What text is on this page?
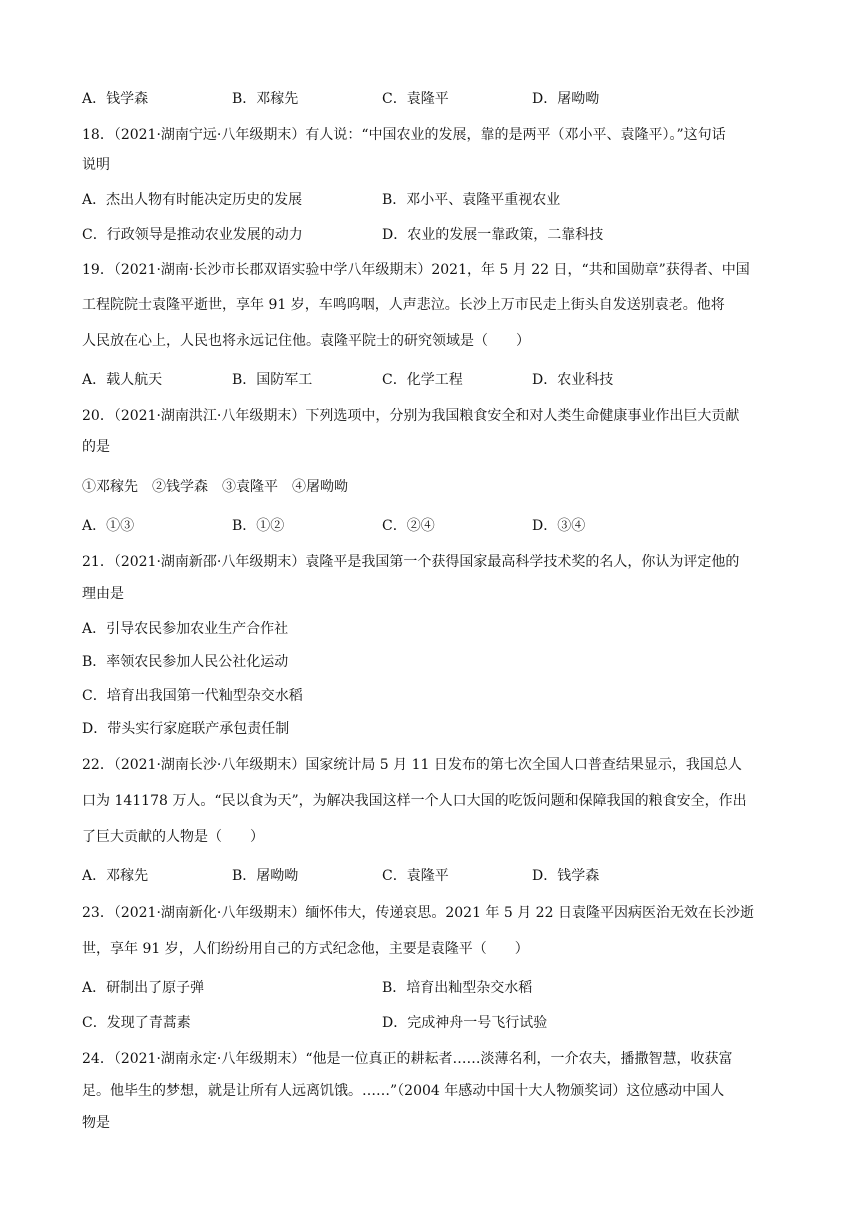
A．钱学森	B．邓稼先	C．袁隆平	D．屠呦呦
18．（2021·湖南宁远·八年级期末）有人说：“中国农业的发展，靠的是两平（邓小平、袁隆平）。”这句话
说明
A．杰出人物有时能决定历史的发展	B．邓小平、袁隆平重视农业
C．行政领导是推动农业发展的动力	D．农业的发展一靠政策，二靠科技
19．（2021·湖南·长沙市长郡双语实验中学八年级期末）2021，年 5 月 22 日，“共和国勋章”获得者、中国
工程院院士袁隆平逝世，享年 91 岁，车鸣呜咽，人声悲泣。长沙上万市民走上街头自发送别袁老。他将
人民放在心上，人民也将永远记住他。袁隆平院士的研究领域是（　　）
A．载人航天	B．国防军工	C．化学工程	D．农业科技
20．（2021·湖南洪江·八年级期末）下列选项中，分别为我国粮食安全和对人类生命健康事业作出巨大贡献
的是
①邓稼先　②钱学森　③袁隆平　④屠呦呦
A．①③	B．①②	C．②④	D．③④
21．（2021·湖南新邵·八年级期末）袁隆平是我国第一个获得国家最高科学技术奖的名人，你认为评定他的
理由是
A．引导农民参加农业生产合作社
B．率领农民参加人民公社化运动
C．培育出我国第一代籼型杂交水稻
D．带头实行家庭联产承包责任制
22．（2021·湖南长沙·八年级期末）国家统计局 5 月 11 日发布的第七次全国人口普查结果显示，我国总人
口为 141178 万人。“民以食为天”，为解决我国这样一个人口大国的吃饭问题和保障我国的粮食安全，作出
了巨大贡献的人物是（　　）
A．邓稼先	B．屠呦呦	C．袁隆平	D．钱学森
23．（2021·湖南新化·八年级期末）缅怀伟大，传递哀思。2021 年 5 月 22 日袁隆平因病医治无效在长沙逝
世，享年 91 岁，人们纷纷用自己的方式纪念他，主要是袁隆平（　　）
A．研制出了原子弹	B．培育出籼型杂交水稻
C．发现了青蒿素	D．完成神舟一号飞行试验
24．（2021·湖南永定·八年级期末）“他是一位真正的耕耘者……淡薄名利，一介农夫，播撒智慧，收获富
足。他毕生的梦想，就是让所有人远离饥饿。……”（2004 年感动中国十大人物颁奖词）这位感动中国人
物是
